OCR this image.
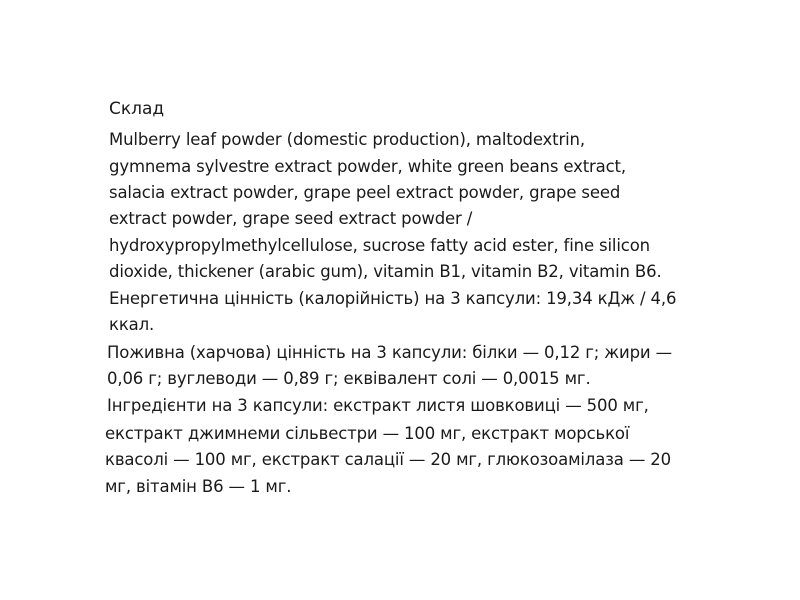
Склад
Mulberry leaf powder (domestic production), maltodextrin,
gymnema sylvestre extract powder, white green beans extract,
salacia extract powder, grape peel extract powder, grape seed
extract powder, grape seed extract powder /
hydroxypropylmethylcellulose, sucrose fatty acid ester, fine silicon
dioxide, thickener (arabic gum), vitamin B1, vitamin B2, vitamin B6.
Енергетична цінність (калорійність) на 3 капсули: 19,34 кДж / 4,6
ккал.
Поживна (харчова) цінність на 3 капсули: білки — 0,12 г; жири —
0,06 г; вуглеводи — 0,89 г; еквівалент солі — 0,0015 мг.
Інгредієнти на 3 капсули: екстракт листя шовковиці — 500 мг,
екстракт джимнеми сільвестри — 100 мг, екстракт морської
квасолі — 100 мг, екстракт салації — 20 мг, глюкозоамілаза — 20
мг, вітамін В6 — 1 мг.
